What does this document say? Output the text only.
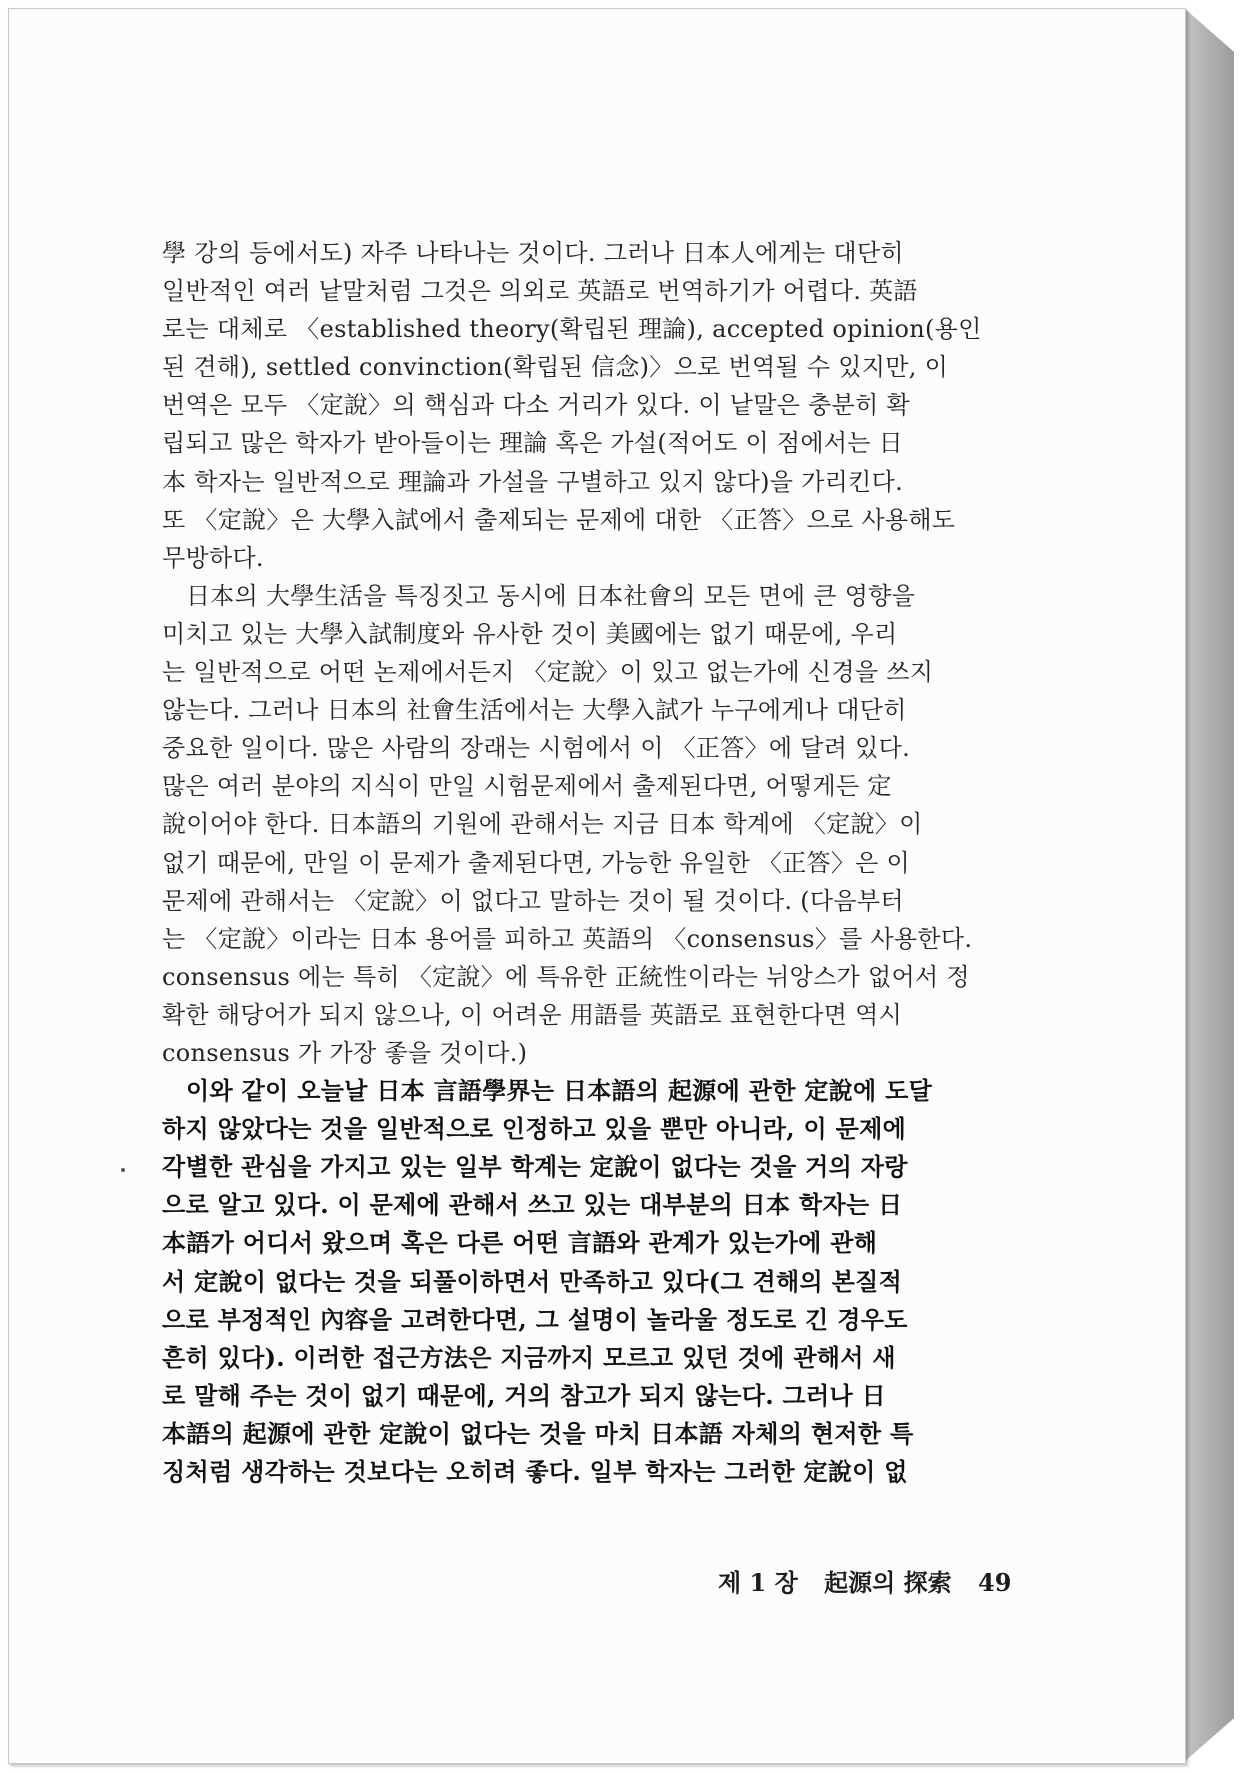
學 강의 등에서도) 자주 나타나는 것이다. 그러나 日本人에게는 대단히
일반적인 여러 낱말처럼 그것은 의외로 英語로 번역하기가 어렵다. 英語
로는 대체로 〈established theory(확립된 理論), accepted opinion(용인
된 견해), settled convinction(확립된 信念)〉으로 번역될 수 있지만, 이
번역은 모두 〈定說〉의 핵심과 다소 거리가 있다. 이 낱말은 충분히 확
립되고 많은 학자가 받아들이는 理論 혹은 가설(적어도 이 점에서는 日
本 학자는 일반적으로 理論과 가설을 구별하고 있지 않다)을 가리킨다.
또 〈定說〉은 大學入試에서 출제되는 문제에 대한 〈正答〉으로 사용해도
무방하다.
日本의 大學生活을 특징짓고 동시에 日本社會의 모든 면에 큰 영향을
미치고 있는 大學入試制度와 유사한 것이 美國에는 없기 때문에, 우리
는 일반적으로 어떤 논제에서든지 〈定說〉이 있고 없는가에 신경을 쓰지
않는다. 그러나 日本의 社會生活에서는 大學入試가 누구에게나 대단히
중요한 일이다. 많은 사람의 장래는 시험에서 이 〈正答〉에 달려 있다.
많은 여러 분야의 지식이 만일 시험문제에서 출제된다면, 어떻게든 定
說이어야 한다. 日本語의 기원에 관해서는 지금 日本 학계에 〈定說〉이
없기 때문에, 만일 이 문제가 출제된다면, 가능한 유일한 〈正答〉은 이
문제에 관해서는 〈定說〉이 없다고 말하는 것이 될 것이다. (다음부터
는 〈定說〉이라는 日本 용어를 피하고 英語의 〈consensus〉를 사용한다.
consensus 에는 특히 〈定說〉에 특유한 正統性이라는 뉘앙스가 없어서 정
확한 해당어가 되지 않으나, 이 어려운 用語를 英語로 표현한다면 역시
consensus 가 가장 좋을 것이다.)
이와 같이 오늘날 日本 言語學界는 日本語의 起源에 관한 定說에 도달
하지 않았다는 것을 일반적으로 인정하고 있을 뿐만 아니라, 이 문제에
각별한 관심을 가지고 있는 일부 학계는 定說이 없다는 것을 거의 자랑
으로 알고 있다. 이 문제에 관해서 쓰고 있는 대부분의 日本 학자는 日
本語가 어디서 왔으며 혹은 다른 어떤 言語와 관계가 있는가에 관해
서 定說이 없다는 것을 되풀이하면서 만족하고 있다(그 견해의 본질적
으로 부정적인 內容을 고려한다면, 그 설명이 놀라울 정도로 긴 경우도
흔히 있다). 이러한 접근方法은 지금까지 모르고 있던 것에 관해서 새
로 말해 주는 것이 없기 때문에, 거의 참고가 되지 않는다. 그러나 日
本語의 起源에 관한 定說이 없다는 것을 마치 日本語 자체의 현저한 특
징처럼 생각하는 것보다는 오히려 좋다. 일부 학자는 그러한 定說이 없
제 1 장 起源의 探索 49
